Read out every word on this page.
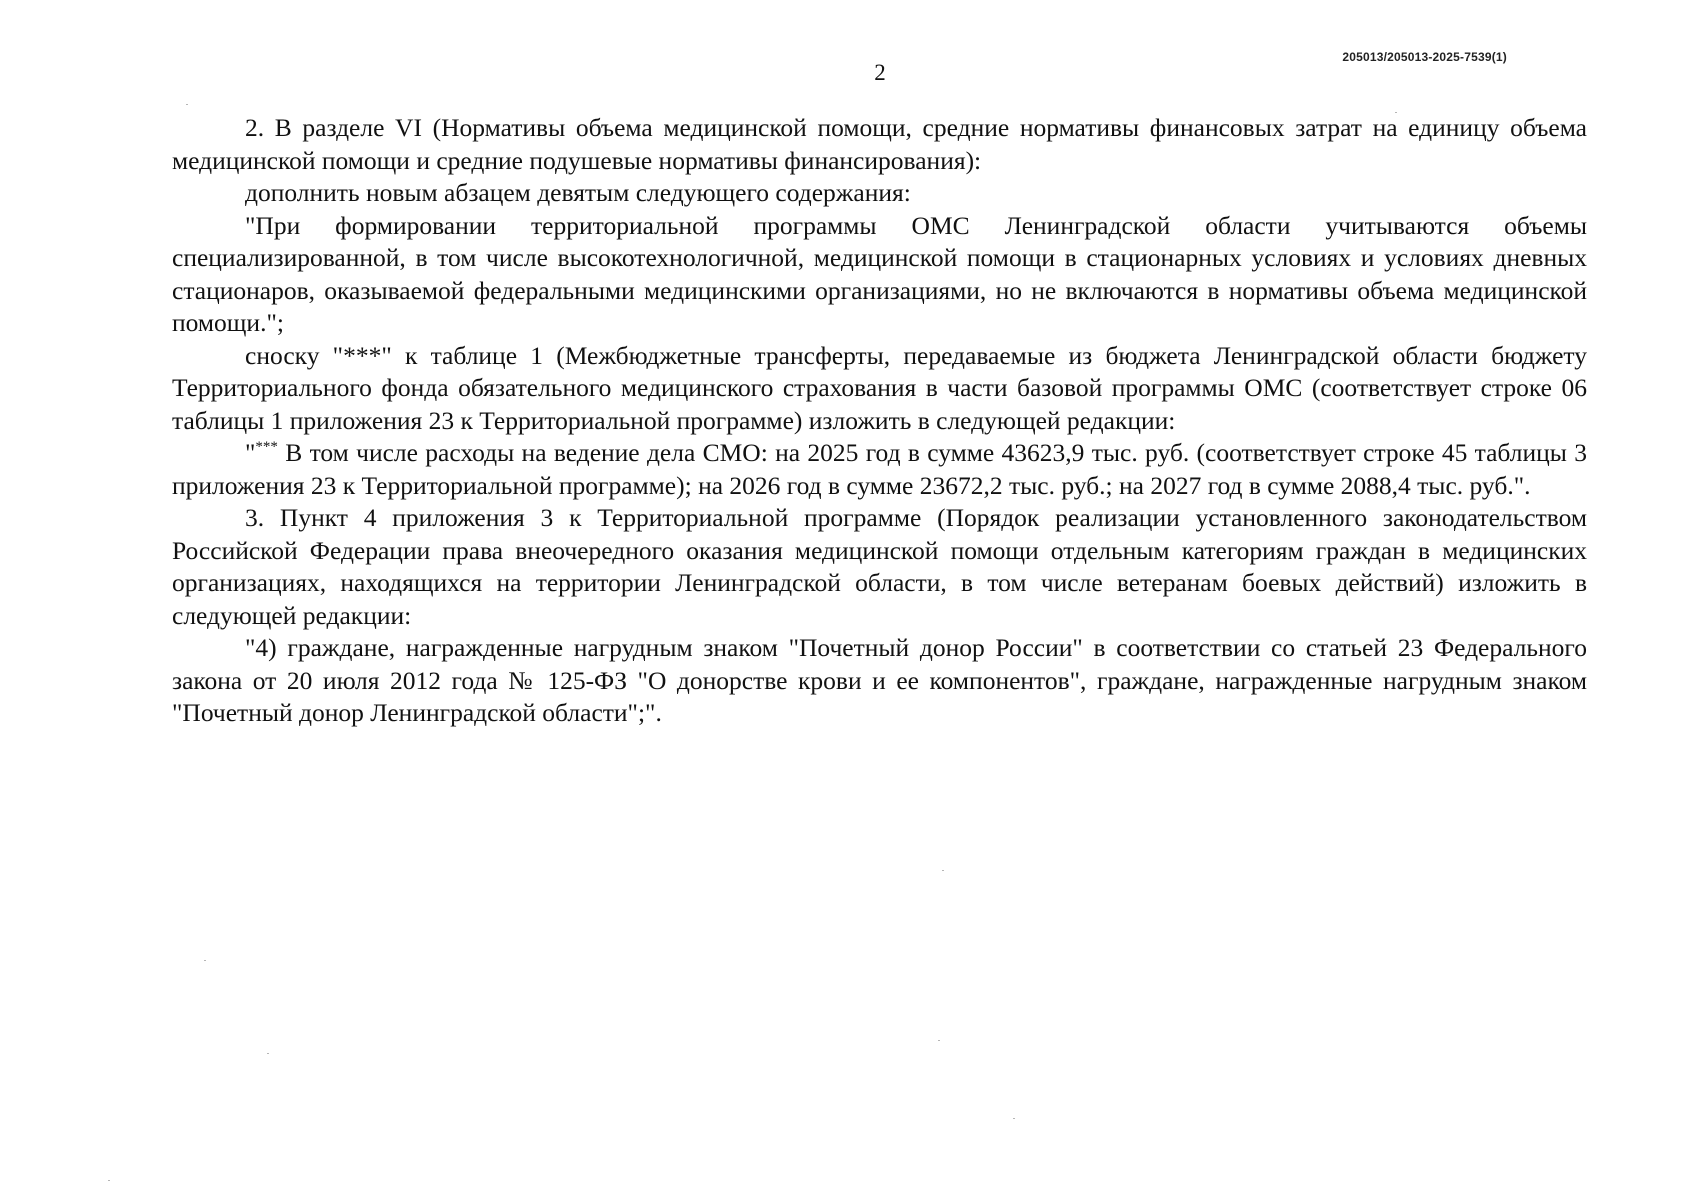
2
205013/205013-2025-7539(1)

2. В разделе VI (Нормативы объема медицинской помощи, средние нормативы финансовых затрат на единицу объема медицинской помощи и средние подушевые нормативы финансирования):

дополнить новым абзацем девятым следующего содержания:

"При формировании территориальной программы ОМС Ленинградской области учитываются объемы специализированной, в том числе высокотехнологичной, медицинской помощи в стационарных условиях и условиях дневных стационаров, оказываемой федеральными медицинскими организациями, но не включаются в нормативы объема медицинской помощи.";

сноску "***" к таблице 1 (Межбюджетные трансферты, передаваемые из бюджета Ленинградской области бюджету Территориального фонда обязательного медицинского страхования в части базовой программы ОМС (соответствует строке 06 таблицы 1 приложения 23 к Территориальной программе) изложить в следующей редакции:

"*** В том числе расходы на ведение дела СМО: на 2025 год в сумме 43623,9 тыс. руб. (соответствует строке 45 таблицы 3 приложения 23 к Территориальной программе); на 2026 год в сумме 23672,2 тыс. руб.; на 2027 год в сумме 2088,4 тыс. руб.".

3. Пункт 4 приложения 3 к Территориальной программе (Порядок реализации установленного законодательством Российской Федерации права внеочередного оказания медицинской помощи отдельным категориям граждан в медицинских организациях, находящихся на территории Ленинградской области, в том числе ветеранам боевых действий) изложить в следующей редакции:

"4) граждане, награжденные нагрудным знаком "Почетный донор России" в соответствии со статьей 23 Федерального закона от 20 июля 2012 года № 125-ФЗ "О донорстве крови и ее компонентов", граждане, награжденные нагрудным знаком "Почетный донор Ленинградской области";".
